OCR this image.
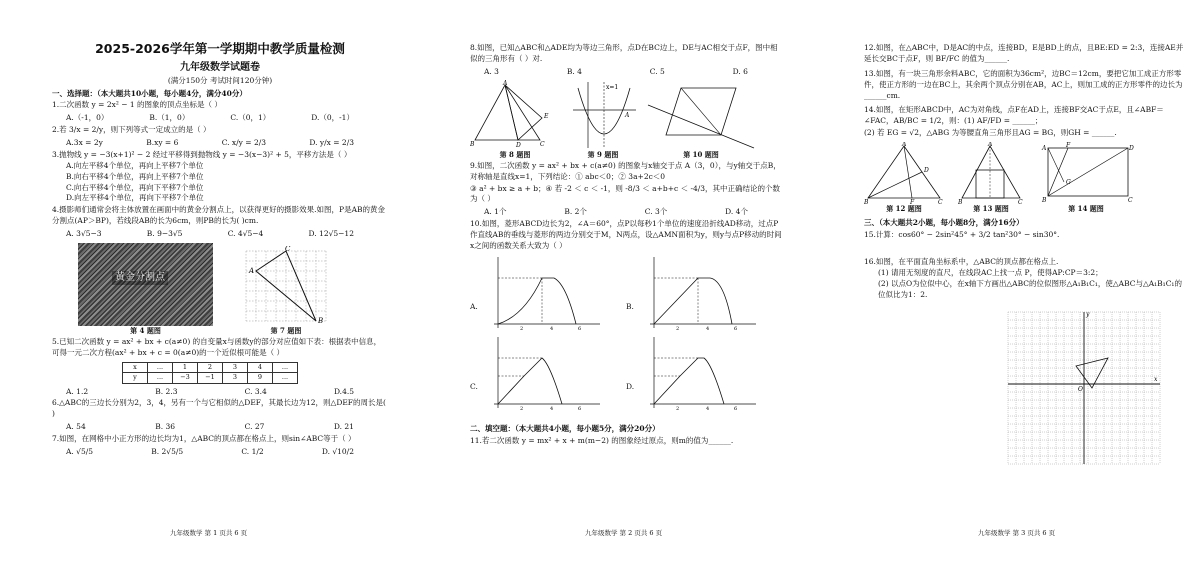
2025-2026学年第一学期期中教学质量检测
九年级数学试题卷
(满分150分 考试时间120分钟)
一、选择题：（本大题共10小题，每小题4分，满分40分）
1.二次函数 y = 2x² − 1 的图象的顶点坐标是（ ）
A.（-1，0）	B.（1，0）	C.（0，1）	D.（0，-1）
2.若 3/x = 2/y，则下列等式一定成立的是（ ）
A.3x = 2y	B.xy = 6	C. x/y = 2/3	D. y/x = 2/3
3.抛物线 y = −3(x+1)² − 2 经过平移得到抛物线 y = −3(x−3)² + 5，平移方法是（ ）
A.向左平移4个单位，再向上平移7个单位
B.向右平移4个单位，再向上平移7个单位
C.向右平移4个单位，再向下平移7个单位
D.向左平移4个单位，再向下平移7个单位
4.摄影师们通常会将主体放置在画面中的黄金分割点上，以获得更好的摄影效果.如图，P是AB的黄金分割点(AP＞BP)，若线段AB的长为6cm，则PB的长为( )cm.
A. 3√5−3	B. 9−3√5	C. 4√5−4	D. 12√5−12
黄金分割点
第 4 题图
A
C
B
第 7 题图
5.已知二次函数 y = ax² + bx + c(a≠0) 的自变量x与函数y的部分对应值如下表：根据表中信息，可得一元二次方程(ax² + bx + c = 0(a≠0)的一个近似根可能是（ ）
x	...	1	2	3	4	...
y	...	−3	−1	3	9	...
A. 1.2	B. 2.3	C. 3.4	D.4.5
6.△ABC的三边长分别为2，3，4，另有一个与它相似的△DEF，其最长边为12，则△DEF的周长是( )
A. 54	B. 36	C. 27	D. 21
7.如图，在网格中小正方形的边长均为1，△ABC的顶点都在格点上，则sin∠ABC等于（ ）
A. √5/5	B. 2√5/5	C. 1/2	D. √10/2
九年级数学 第 1 页共 6 页
8.如图，已知△ABC和△ADE均为等边三角形，点D在BC边上，DE与AC相交于点F，图中相似的三角形有（ ）对.
A. 3	B. 4	C. 5	D. 6
A
B	D	C
E
第 8 题图
x=1
A
第 9 题图	第 10 题图
9.如图，二次函数 y = ax² + bx + c(a≠0) 的图象与x轴交于点 A（3，0），与y轴交于点B，对称轴是直线x=1，下列结论：① abc＜0；② 3a+2c＜0
③ a² + bx ≥ a + b；④ 若 -2 ＜ c ＜ -1，则 -8/3 ＜ a+b+c ＜ -4/3，其中正确结论的个数为（ ）
A. 1个	B. 2个	C. 3个	D. 4个
10.如图，菱形ABCD边长为2，∠A＝60°，点P以每秒1个单位的速度沿折线AD移动，过点P作直线AB的垂线与菱形的两边分别交于M，N两点，设△AMN面积为y，则y与点P移动的时间x之间的函数关系大致为（ ）
A.
2	4	6
B.
2	4	6
C.
2	4	6
D.
2	4	6
二、填空题：（本大题共4小题，每小题5分，满分20分）
11.若二次函数 y = mx² + x + m(m−2) 的图象经过原点，则m的值为______.
九年级数学 第 2 页共 6 页
12.如图，在△ABC中，D是AC的中点，连接BD，E是BD上的点，且BE:ED = 2:3，连接AE并延长交BC于点F，则 BF/FC 的值为______.
13.如图，有一块三角形余料ABC，它的面积为36cm²，边BC＝12cm，要把它加工成正方形零件，使正方形的一边在BC上，其余两个顶点分别在AB，AC上，则加工成的正方形零件的边长为______cm.
14.如图，在矩形ABCD中，AC为对角线，点F在AD上，连接BF交AC于点E，且∠ABF＝∠FAC，AB/BC = 1/2，则：(1) AF/FD = ______；
(2) 若 EG = √2，△ABG 为等腰直角三角形且AG = BG，则GH = ______.
A
B	C
D
F
第 12 题图
A
B	C
第 13 题图
A
B	C
D
F
G
第 14 题图
三、（本大题共2小题，每小题8分，满分16分）
15.计算：cos60° − 2sin²45° + 3/2 tan²30° − sin30°.
16.如图，在平面直角坐标系中，△ABC的顶点都在格点上.
(1) 请用无刻度的直尺，在线段AC上找一点 P，使得AP:CP＝3:2；
(2) 以点O为位似中心，在x轴下方画出△ABC的位似图形△A₁B₁C₁，使△ABC与△A₁B₁C₁的位似比为1：2.
x
y
O
九年级数学 第 3 页共 6 页
